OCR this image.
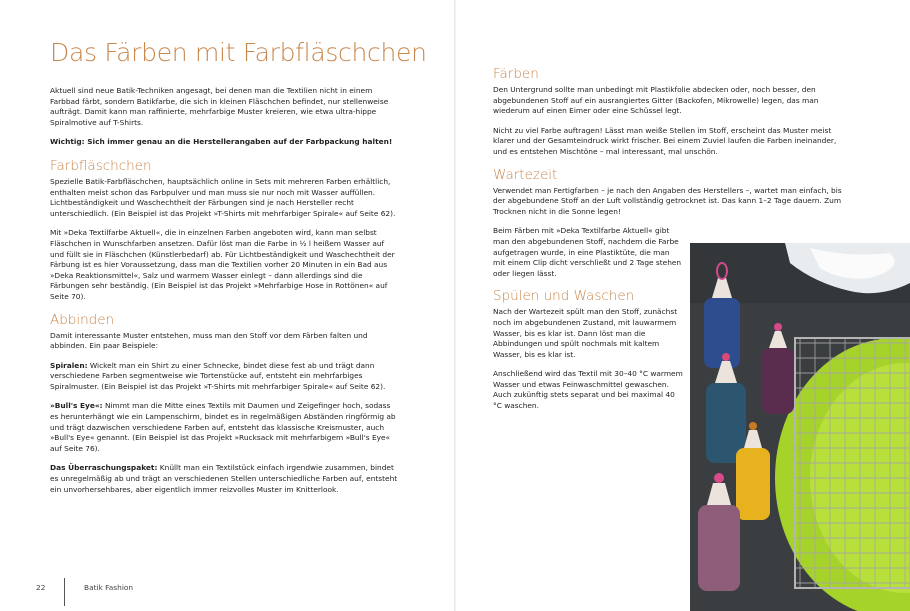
Das Färben mit Farbfläschchen

Aktuell sind neue Batik-Techniken angesagt, bei denen man die Textilien nicht in einem Farbbad färbt, sondern Batikfarbe, die sich in kleinen Fläschchen befindet, nur stellenweise aufträgt. Damit kann man raffinierte, mehrfarbige Muster kreieren, wie etwa ultra-hippe Spiralmotive auf T-Shirts.

Wichtig: Sich immer genau an die Herstellerangaben auf der Farbpackung halten!

Farbfläschchen

Spezielle Batik-Farbfläschchen, hauptsächlich online in Sets mit mehreren Farben erhältlich, enthalten meist schon das Farbpulver und man muss sie nur noch mit Wasser auffüllen. Lichtbeständigkeit und Waschechtheit der Färbungen sind je nach Hersteller recht unterschiedlich. (Ein Beispiel ist das Projekt »T-Shirts mit mehrfarbiger Spirale« auf Seite 62).

Mit »Deka Textilfarbe Aktuell«, die in einzelnen Farben angeboten wird, kann man selbst Fläschchen in Wunschfarben ansetzen. Dafür löst man die Farbe in ½ l heißem Wasser auf und füllt sie in Fläschchen (Künstlerbedarf) ab. Für Lichtbeständigkeit und Waschechtheit der Färbung ist es hier Voraussetzung, dass man die Textilien vorher 20 Minuten in ein Bad aus »Deka Reaktionsmittel«, Salz und warmem Wasser einlegt – dann allerdings sind die Färbungen sehr beständig. (Ein Beispiel ist das Projekt »Mehrfarbige Hose in Rottönen« auf Seite 70).

Abbinden

Damit interessante Muster entstehen, muss man den Stoff vor dem Färben falten und abbinden. Ein paar Beispiele:

Spiralen: Wickelt man ein Shirt zu einer Schnecke, bindet diese fest ab und trägt dann verschiedene Farben segmentweise wie Tortenstücke auf, entsteht ein mehrfarbiges Spiralmuster. (Ein Beispiel ist das Projekt »T-Shirts mit mehrfarbiger Spirale« auf Seite 62).

»Bull's Eye«: Nimmt man die Mitte eines Textils mit Daumen und Zeigefinger hoch, sodass es herunterhängt wie ein Lampenschirm, bindet es in regelmäßigen Abständen ringförmig ab und trägt dazwischen verschiedene Farben auf, entsteht das klassische Kreismuster, auch »Bull's Eye« genannt. (Ein Beispiel ist das Projekt »Rucksack mit mehrfarbigem »Bull's Eye« auf Seite 76).

Das Überraschungspaket: Knüllt man ein Textilstück einfach irgendwie zusammen, bindet es unregelmäßig ab und trägt an verschiedenen Stellen unterschiedliche Farben auf, entsteht ein unvorhersehbares, aber eigentlich immer reizvolles Muster im Knitterlook.

22	Batik Fashion
Färben

Den Untergrund sollte man unbedingt mit Plastikfolie abdecken oder, noch besser, den abgebundenen Stoff auf ein ausrangiertes Gitter (Backofen, Mikrowelle) legen, das man wiederum auf einen Eimer oder eine Schüssel legt.

Nicht zu viel Farbe auftragen! Lässt man weiße Stellen im Stoff, erscheint das Muster meist klarer und der Gesamteindruck wirkt frischer. Bei einem Zuviel laufen die Farben ineinander, und es entstehen Mischtöne – mal interessant, mal unschön.

Wartezeit

Verwendet man Fertigfarben – je nach den Angaben des Herstellers –, wartet man einfach, bis der abgebundene Stoff an der Luft vollständig getrocknet ist. Das kann 1–2 Tage dauern. Zum Trocknen nicht in die Sonne legen!

Beim Färben mit »Deka Textilfarbe Aktuell« gibt man den abgebundenen Stoff, nachdem die Farbe aufgetragen wurde, in eine Plastiktüte, die man mit einem Clip dicht verschließt und 2 Tage stehen oder liegen lässt.

Spülen und Waschen

Nach der Wartezeit spült man den Stoff, zunächst noch im abgebundenen Zustand, mit lauwarmem Wasser, bis es klar ist. Dann löst man die Abbindungen und spült nochmals mit kaltem Wasser, bis es klar ist.

Anschließend wird das Textil mit 30–40 °C warmem Wasser und etwas Feinwaschmittel gewaschen. Auch zukünftig stets separat und bei maximal 40 °C waschen.
